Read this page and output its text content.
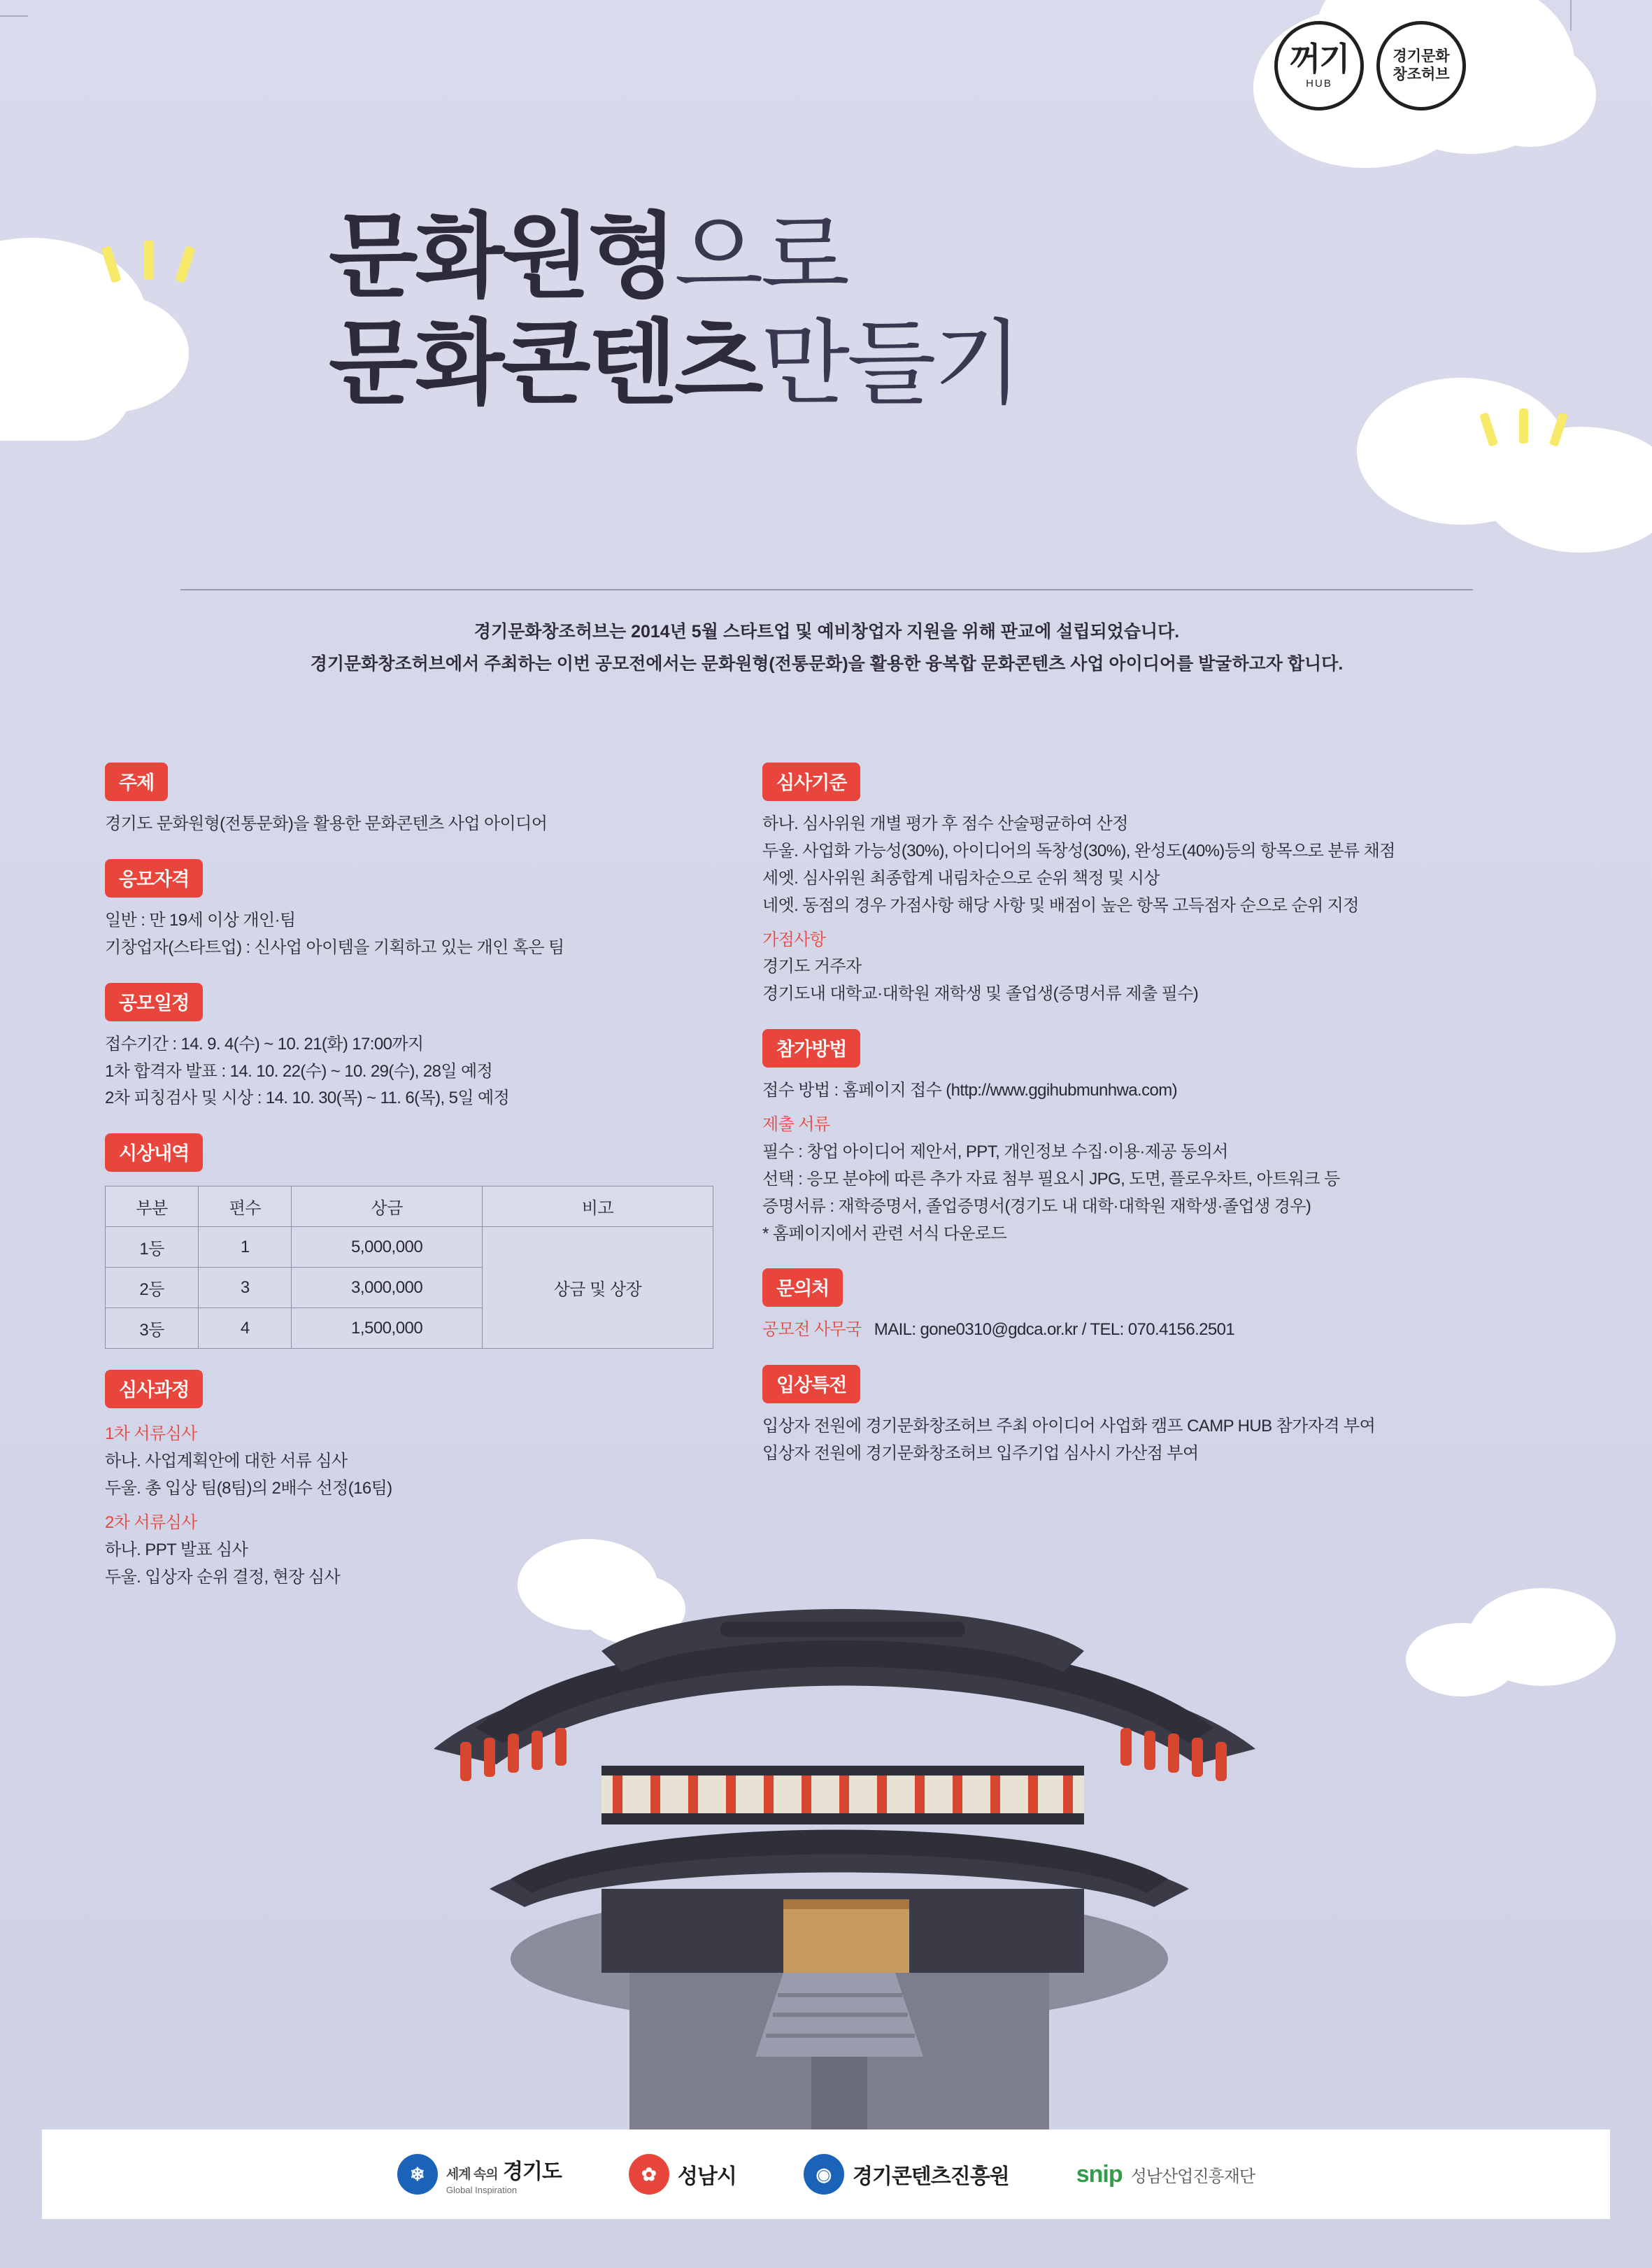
꺼기
HUB
경기문화
창조허브
문화원형으로
문화콘텐츠만들기
경기문화창조허브는 2014년 5월 스타트업 및 예비창업자 지원을 위해 판교에 설립되었습니다.
경기문화창조허브에서 주최하는 이번 공모전에서는 문화원형(전통문화)을 활용한 융복합 문화콘텐츠 사업 아이디어를 발굴하고자 합니다.
주제
경기도 문화원형(전통문화)을 활용한 문화콘텐츠 사업 아이디어
응모자격
일반 : 만 19세 이상 개인·팀
기창업자(스타트업) : 신사업 아이템을 기획하고 있는 개인 혹은 팀
공모일정
접수기간 : 14. 9. 4(수) ~ 10. 21(화) 17:00까지
1차 합격자 발표 : 14. 10. 22(수) ~ 10. 29(수), 28일 예정
2차 피칭검사 및 시상 : 14. 10. 30(목) ~ 11. 6(목), 5일 예정
시상내역
부분	편수	상금	비고
1등	1	5,000,000	상금 및 상장
2등	3	3,000,000	
3등	4	1,500,000	
심사과정
1차 서류심사
하나. 사업계획안에 대한 서류 심사
두울. 총 입상 팀(8팀)의 2배수 선정(16팀)
2차 서류심사
하나. PPT 발표 심사
두울. 입상자 순위 결정, 현장 심사
심사기준
하나. 심사위원 개별 평가 후 점수 산술평균하여 산정
두울. 사업화 가능성(30%), 아이디어의 독창성(30%), 완성도(40%)등의 항목으로 분류 채점
세엣. 심사위원 최종합계 내림차순으로 순위 책정 및 시상
네엣. 동점의 경우 가점사항 해당 사항 및 배점이 높은 항목 고득점자 순으로 순위 지정
가점사항
경기도 거주자
경기도내 대학교·대학원 재학생 및 졸업생(증명서류 제출 필수)
참가방법
접수 방법 : 홈페이지 접수 (http://www.ggihubmunhwa.com)
제출 서류
필수 : 창업 아이디어 제안서, PPT, 개인정보 수집·이용·제공 동의서
선택 : 응모 분야에 따른 추가 자료 첨부 필요시 JPG, 도면, 플로우차트, 아트워크 등
증명서류 : 재학증명서, 졸업증명서(경기도 내 대학·대학원 재학생·졸업생 경우)
* 홈페이지에서 관련 서식 다운로드
문의처
공모전 사무국 MAIL: gone0310@gdca.or.kr / TEL: 070.4156.2501
입상특전
입상자 전원에 경기문화창조허브 주최 아이디어 사업화 캠프 CAMP HUB 참가자격 부여
입상자 전원에 경기문화창조허브 입주기업 심사시 가산점 부여
❄	세계 속의 경기도
Global Inspiration
✿	성남시	◉ 경기콘텐츠진흥원	snip 성남산업진흥재단
